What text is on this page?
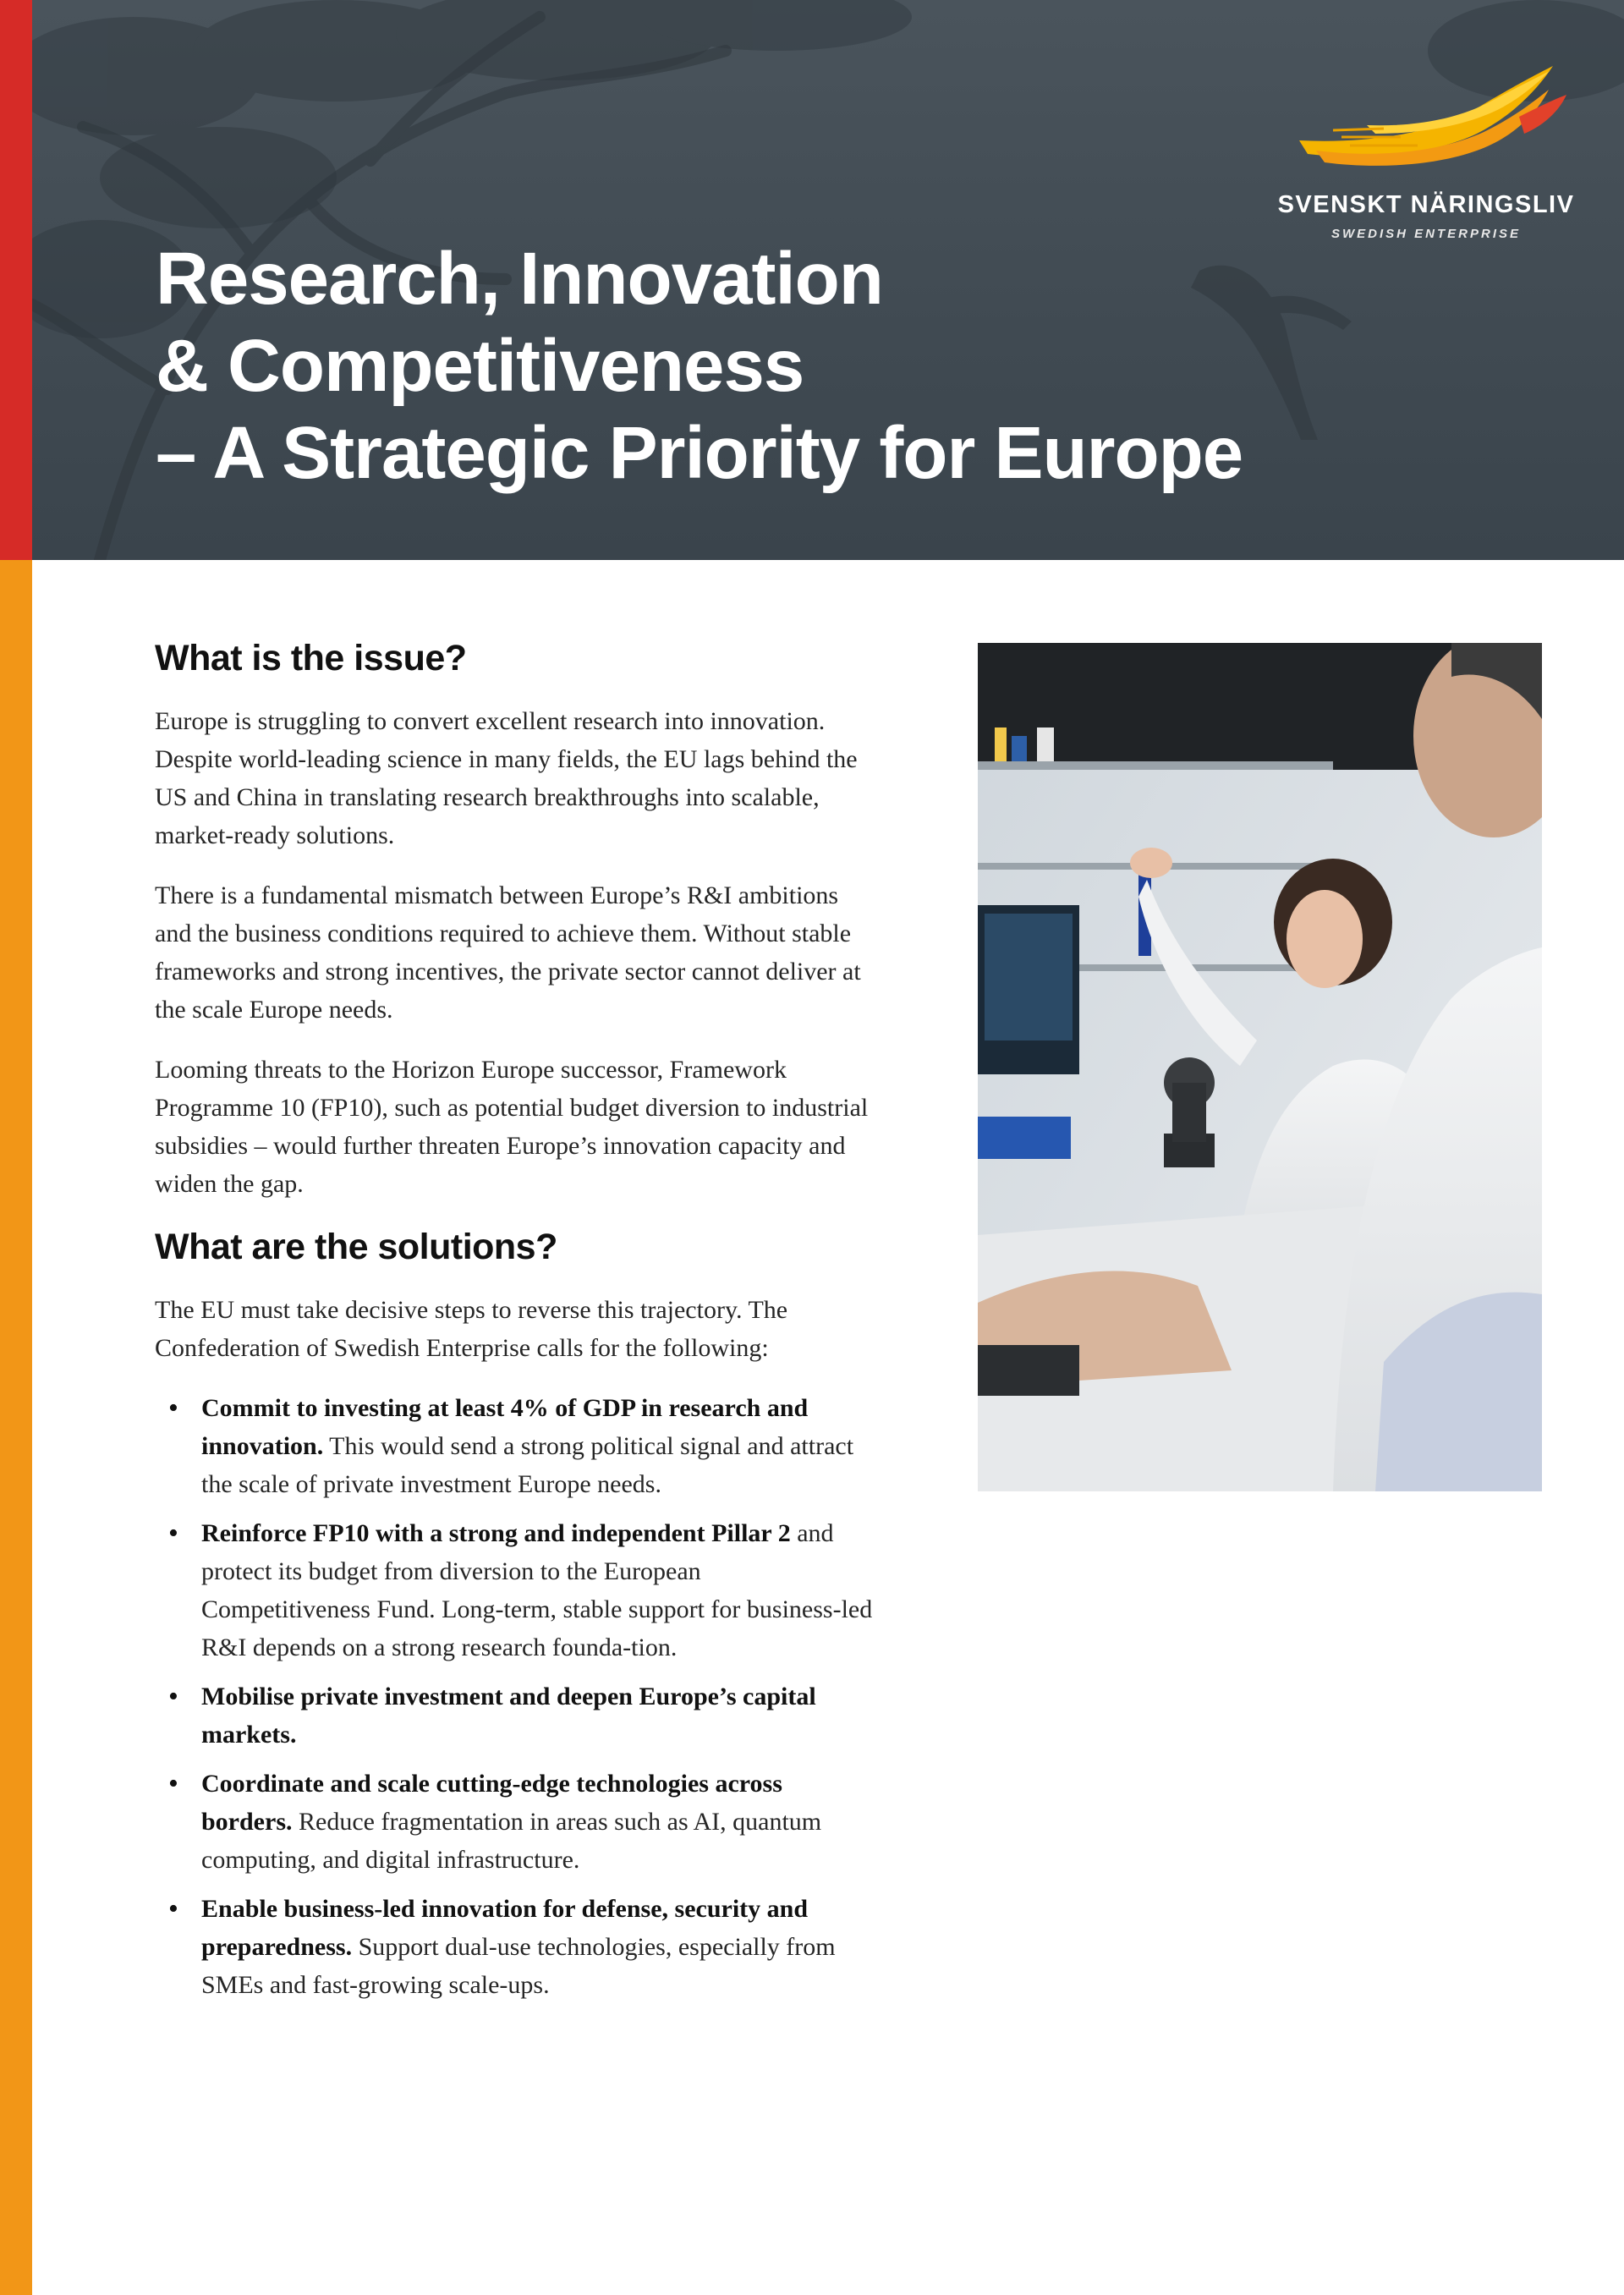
Research, Innovation
& Competitiveness
– A Strategic Priority for Europe
SVENSKT NÄRINGSLIV
SWEDISH ENTERPRISE
What is the issue?

Europe is struggling to convert excellent research into innovation. Despite world-leading science in many fields, the EU lags behind the US and China in translating research breakthroughs into scalable, market-ready solutions.

There is a fundamental mismatch between Europe’s R&I ambitions and the business conditions required to achieve them. Without stable frameworks and strong incentives, the private sector cannot deliver at the scale Europe needs.

Looming threats to the Horizon Europe successor, Framework Programme 10 (FP10), such as potential budget diversion to industrial subsidies – would further threaten Europe’s innovation capacity and widen the gap.

What are the solutions?

The EU must take decisive steps to reverse this trajectory. The Confederation of Swedish Enterprise calls for the following:

• Commit to investing at least 4% of GDP in research and innovation. This would send a strong political signal and attract the scale of private investment Europe needs.
• Reinforce FP10 with a strong and independent Pillar 2 and protect its budget from diversion to the European Competitiveness Fund. Long-term, stable support for business-led R&I depends on a strong research founda-tion.
• Mobilise private investment and deepen Europe’s capital markets.
• Coordinate and scale cutting-edge technologies across borders. Reduce fragmentation in areas such as AI, quantum computing, and digital infrastructure.
• Enable business-led innovation for defense, security and preparedness. Support dual-use technologies, especially from SMEs and fast-growing scale-ups.
